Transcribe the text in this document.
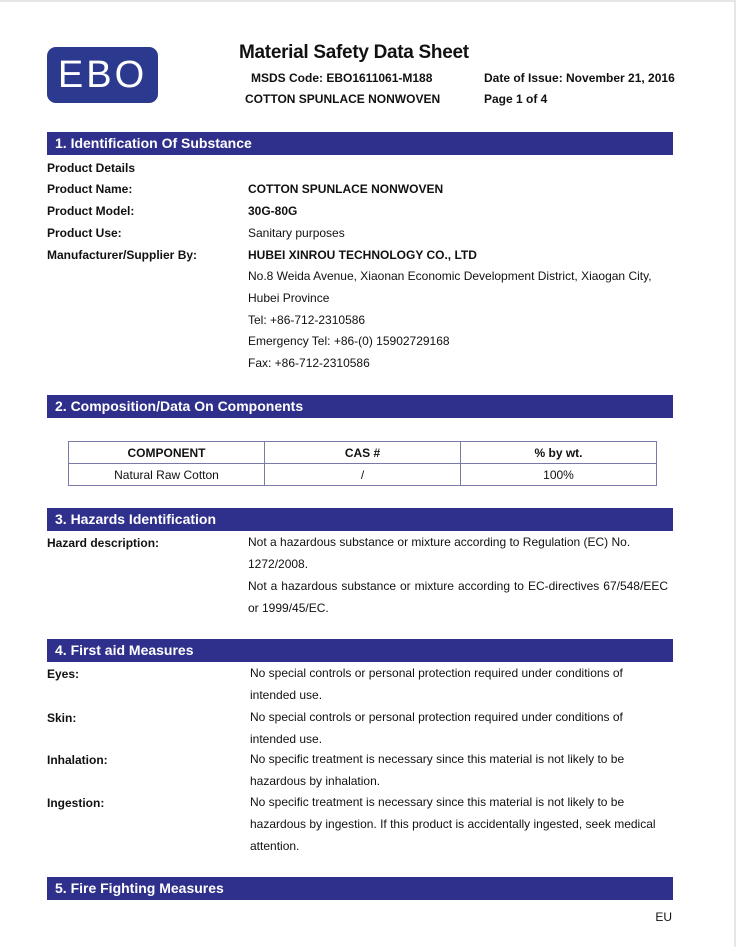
EBO
Material Safety Data Sheet
MSDS Code: EBO1611061-M188
COTTON SPUNLACE NONWOVEN
Date of Issue: November 21, 2016
Page 1 of 4
1. Identification Of Substance
Product Details
Product Name:	COTTON SPUNLACE NONWOVEN
Product Model:	30G-80G
Product Use:	Sanitary purposes
Manufacturer/Supplier By:	HUBEI XINROU TECHNOLOGY CO., LTD
No.8 Weida Avenue, Xiaonan Economic Development District, Xiaogan City,
Hubei Province
Tel: +86-712-2310586
Emergency Tel: +86-(0) 15902729168
Fax: +86-712-2310586
2. Composition/Data On Components
COMPONENT	CAS #	% by wt.
Natural Raw Cotton	/	100%
3. Hazards Identification
Hazard description:	Not a hazardous substance or mixture according to Regulation (EC) No. 1272/2008.
Not a hazardous substance or mixture according to EC-directives 67/548/EEC or 1999/45/EC.
4. First aid Measures
Eyes:	No special controls or personal protection required under conditions of intended use.
Skin:	No special controls or personal protection required under conditions of intended use.
Inhalation:	No specific treatment is necessary since this material is not likely to be hazardous by inhalation.
Ingestion:	No specific treatment is necessary since this material is not likely to be hazardous by ingestion. If this product is accidentally ingested, seek medical attention.
5. Fire Fighting Measures
EU
